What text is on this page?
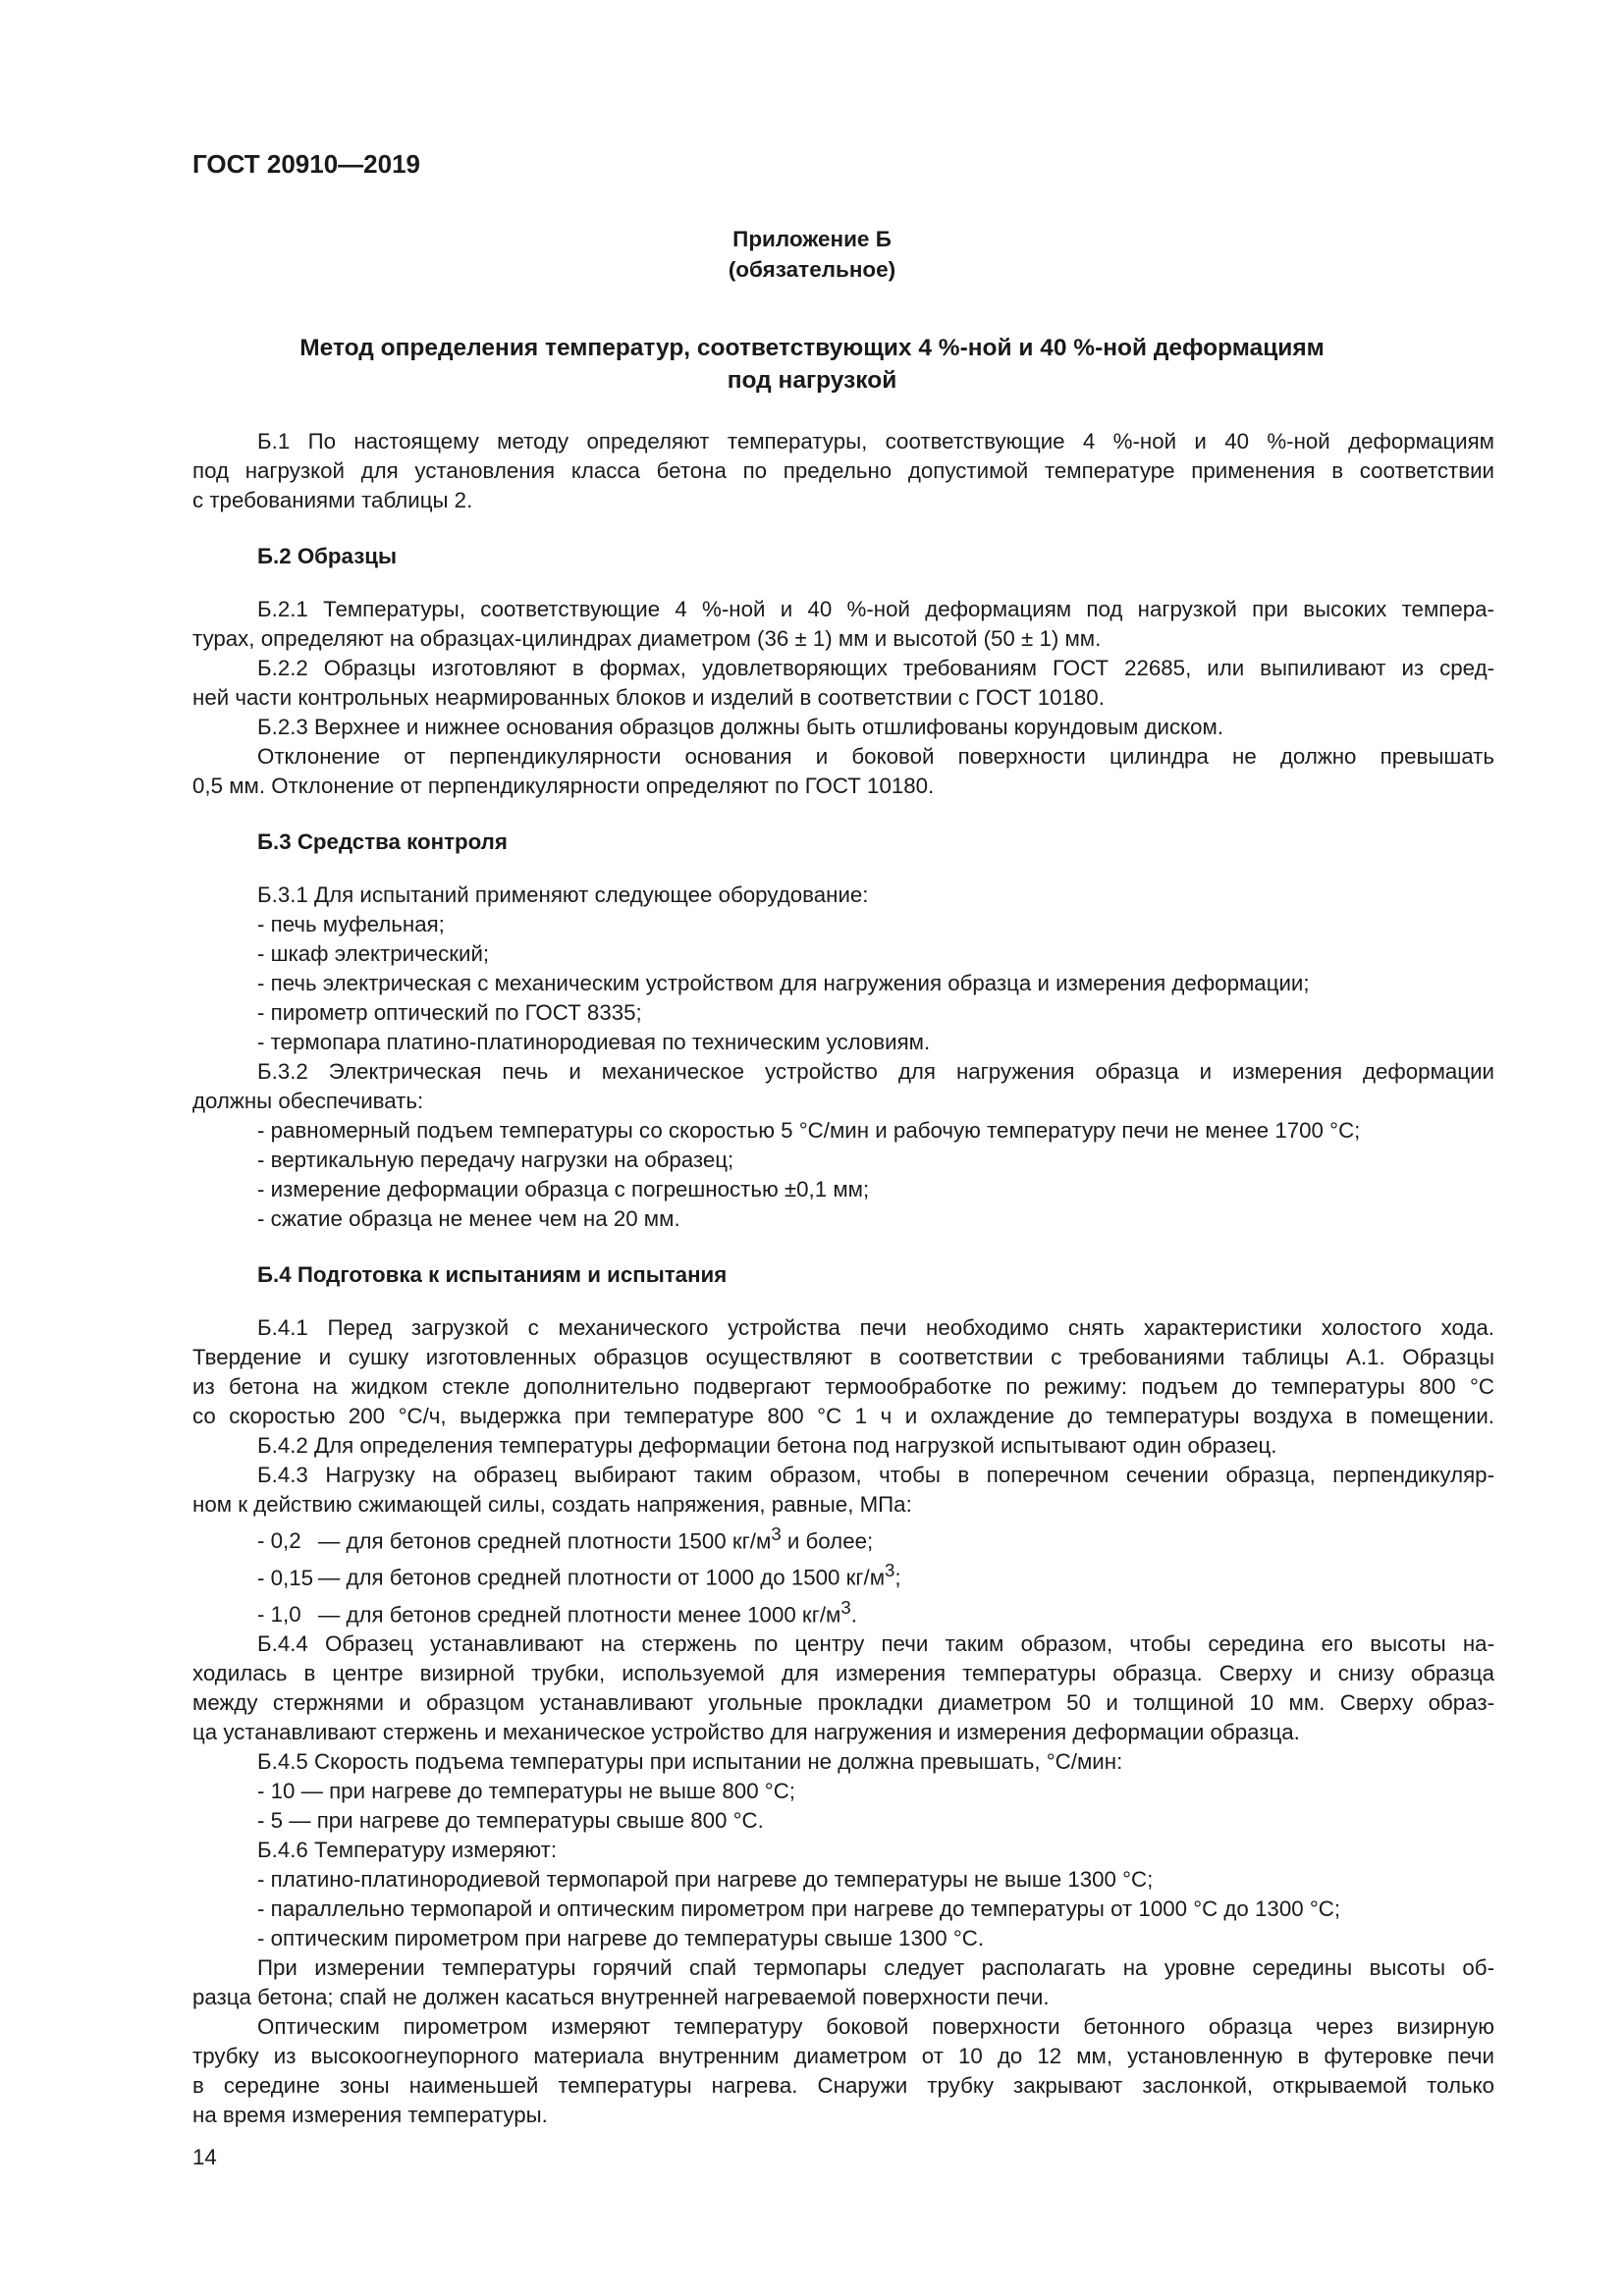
ГОСТ 20910—2019
Приложение Б
(обязательное)
Метод определения температур, соответствующих 4 %-ной и 40 %-ной деформациям
под нагрузкой

Б.1 По настоящему методу определяют температуры, соответствующие 4 %-ной и 40 %-ной деформациям

под нагрузкой для установления класса бетона по предельно допустимой температуре применения в соответствии

с требованиями таблицы 2.

Б.2 Образцы

Б.2.1 Температуры, соответствующие 4 %-ной и 40 %-ной деформациям под нагрузкой при высоких темпера-

турах, определяют на образцах-цилиндрах диаметром (36 ± 1) мм и высотой (50 ± 1) мм.

Б.2.2 Образцы изготовляют в формах, удовлетворяющих требованиям ГОСТ 22685, или выпиливают из сред-

ней части контрольных неармированных блоков и изделий в соответствии с ГОСТ 10180.

Б.2.3 Верхнее и нижнее основания образцов должны быть отшлифованы корундовым диском.

Отклонение от перпендикулярности основания и боковой поверхности цилиндра не должно превышать

0,5 мм. Отклонение от перпендикулярности определяют по ГОСТ 10180.

Б.3 Средства контроля

Б.3.1 Для испытаний применяют следующее оборудование:

- печь муфельная;
- шкаф электрический;
- печь электрическая с механическим устройством для нагружения образца и измерения деформации;
- пирометр оптический по ГОСТ 8335;
- термопара платино-платинородиевая по техническим условиям.

Б.3.2 Электрическая печь и механическое устройство для нагружения образца и измерения деформации

должны обеспечивать:

- равномерный подъем температуры со скоростью 5 °С/мин и рабочую температуру печи не менее 1700 °С;
- вертикальную передачу нагрузки на образец;
- измерение деформации образца с погрешностью ±0,1 мм;
- сжатие образца не менее чем на 20 мм.
Б.4 Подготовка к испытаниям и испытания

Б.4.1 Перед загрузкой с механического устройства печи необходимо снять характеристики холостого хода.

Твердение и сушку изготовленных образцов осуществляют в соответствии с требованиями таблицы А.1. Образцы

из бетона на жидком стекле дополнительно подвергают термообработке по режиму: подъем до температуры 800 °С

со скоростью 200 °С/ч, выдержка при температуре 800 °С 1 ч и охлаждение до температуры воздуха в помещении.

Б.4.2 Для определения температуры деформации бетона под нагрузкой испытывают один образец.

Б.4.3 Нагрузку на образец выбирают таким образом, чтобы в поперечном сечении образца, перпендикуляр-

ном к действию сжимающей силы, создать напряжения, равные, МПа:

- 0,2 — для бетонов средней плотности 1500 $кг/м^3$ и более;
- 0,15 — для бетонов средней плотности от 1000 до 1500 $кг/м^3$;
- 1,0 — для бетонов средней плотности менее 1000 $кг/м^3$.

Б.4.4 Образец устанавливают на стержень по центру печи таким образом, чтобы середина его высоты на-

ходилась в центре визирной трубки, используемой для измерения температуры образца. Сверху и снизу образца

между стержнями и образцом устанавливают угольные прокладки диаметром 50 и толщиной 10 мм. Сверху образ-

ца устанавливают стержень и механическое устройство для нагружения и измерения деформации образца.

Б.4.5 Скорость подъема температуры при испытании не должна превышать, °С/мин:

- 10 — при нагреве до температуры не выше 800 °С;
- 5 — при нагреве до температуры свыше 800 °С.

Б.4.6 Температуру измеряют:

- платино-платинородиевой термопарой при нагреве до температуры не выше 1300 °С;
- параллельно термопарой и оптическим пирометром при нагреве до температуры от 1000 °С до 1300 °С;
- оптическим пирометром при нагреве до температуры свыше 1300 °С.

При измерении температуры горячий спай термопары следует располагать на уровне середины высоты об-

разца бетона; спай не должен касаться внутренней нагреваемой поверхности печи.

Оптическим пирометром измеряют температуру боковой поверхности бетонного образца через визирную

трубку из высокоогнеупорного материала внутренним диаметром от 10 до 12 мм, установленную в футеровке печи

в середине зоны наименьшей температуры нагрева. Снаружи трубку закрывают заслонкой, открываемой только

на время измерения температуры.

14
